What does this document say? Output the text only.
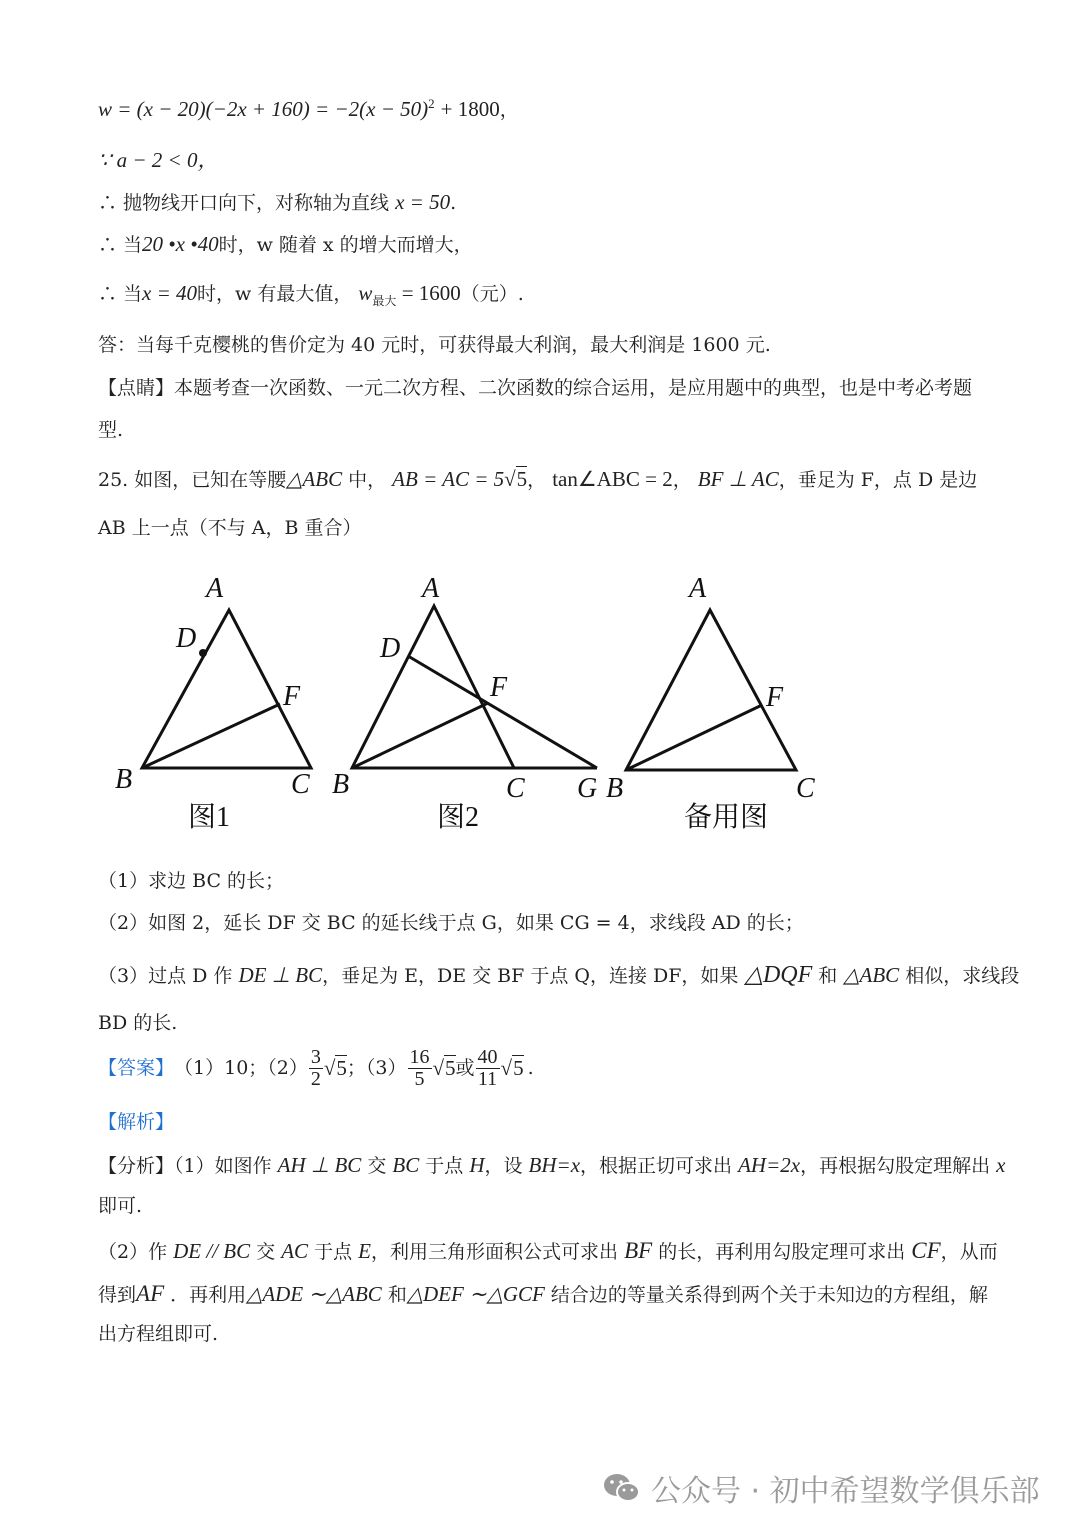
$w = (x - 20)(-2x + 160) = -2(x - 50)^2 + 1800$，
∵ a − 2 < 0，
∴ 抛物线开口向下，对称轴为直线 x = 50.
∴ 当20 •x •40时，w 随着 x 的增大而增大，
∴ 当x = 40时，w 有最大值， $w_{最大} = 1600$（元）.
答：当每千克樱桃的售价定为 40 元时，可获得最大利润，最大利润是 1600 元.
【点睛】本题考查一次函数、一元二次方程、二次函数的综合运用，是应用题中的典型，也是中考必考题
型.
25. 如图，已知在等腰△ABC 中， AB = AC = 5√5， tan∠ABC = 2， BF ⊥ AC，垂足为 F，点 D 是边
AB 上一点（不与 A，B 重合）
A
D
F
B	C
A
D
F
B	C G
A
F
B	C
图1	图2	备用图
（1）求边 BC 的长；
（2）如图 2，延长 DF 交 BC 的延长线于点 G，如果 CG = 4，求线段 AD 的长；
（3）过点 D 作 DE ⊥ BC，垂足为 E，DE 交 BF 于点 Q，连接 DF，如果 △DQF 和 △ABC 相似，求线段
BD 的长.
【答案】 （1）10；$(2) \frac{3}{2} √5$ ；$(3) \frac{16}{5} √5$ 或 $\frac{40}{11} √5$ .
【解析】
【分析】（1）如图作 AH ⊥ BC 交 BC 于点 H，设 BH=x，根据正切可求出 AH=2x，再根据勾股定理解出 x
即可.
（2）作 DE // BC 交 AC 于点 E，利用三角形面积公式可求出 BF 的长，再利用勾股定理可求出 CF，从而
得到AF ．再利用△ADE ∼△ABC 和△DEF ∼△GCF 结合边的等量关系得到两个关于未知边的方程组，解
出方程组即可.
公众号 · 初中希望数学俱乐部
